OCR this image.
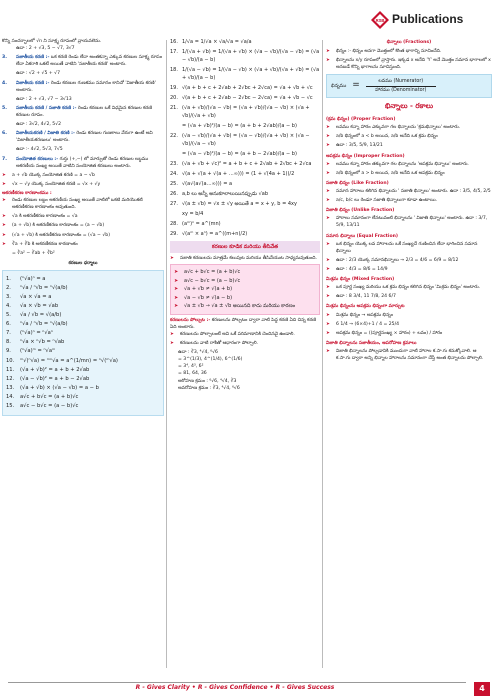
RSB Publications
కొన్ని సందర్భాలలో √n ని సూక్ష్మ రూపంలో వ్రాయవలెను.
ఉదా : 2 + √3, 5 − √7, 3√7
3.	సజాతీయ కరణి :- ఒక కరణి రెండు లేదా అంతకన్నా ఎక్కువ కరణుల సూక్ష్మ రూపం లేదా ఏకరాశి ఒకటే అయితే వాటిని 'సజాతీయ కరణి' అంటారు.
ఉదా : √2 + √5 + √7
4.	విజాతీయ కరణి :- రెండు కరణుల గుణకము సమానం కానిచో 'విజాతీయ కరణి' అంటారు.
ఉదా : 2 + √3, √7 − 3√13
5.	సజాతీయ కరణి / సజాతి కరణి :- రెండు కరణుల ఒకే విధమైన కరణుల కరణి కరణుల రూపం.
ఉదా : 3√2, 4√2, 5√2
6.	విజాతీయకరణి / విజాతి కరణి :- రెండు కరణుల గుణకాలు వేరుగా ఉంటే అవి 'విజాతీయకరణులు' అంటారు.
ఉదా :- 4√2, 5√3, 7√5
7.	సంయోజిత కరణులు :- గుర్తు (+,−) లో మార్పుతో రెండు కరణుల లబ్ధము అకరణీయ సంఖ్య అయితే వాటిని సంయోజిత కరణులు అంటారు.
➤	a + √b యొక్క సంయోజిత కరణి = a − √b
➤	√x − √y యొక్క సంయోజిత కరణి = √x + √y
అకరణీకరణ కారణాంకము :
➤	రెండు కరణుల లబ్దం అకరణీయ సంఖ్య అయితే వాటిలో ఒకటి మరియొకటి అకరణీకరణ కారణాంకం అవుతుంది.
➤	√a కి అకరణీకరణ కారణాంకం = √a
➤	(a + √b) కి అకరణీకరణ కారణాంకం = (a − √b)
➤	(√a + √b) కి అకరణీకరణ కారణాంకం = (√a − √b)
➤	∛a + ∛b కి అకరణీకరణ కారణాంకం
= ∛a² − ∛ab + ∛b²
కరణుల ధర్మాలు
1.	(ⁿ√a)ⁿ = a
2.	ⁿ√a / ⁿ√b = ⁿ√(a/b)
3.	√a × √a = a
4.	√a × √b = √ab
5.	√a / √b = √(a/b)
6.	ⁿ√a / ⁿ√b = ⁿ√(a/b)
7.	(ⁿ√a)ⁿ = ⁿ√aⁿ
8.	ⁿ√a × ⁿ√b = ⁿ√ab
9.	(ⁿ√a)ᵐ = ⁿ√aᵐ
10.	ᵐ√(ⁿ√a) = ᵐⁿ√a = a^(1/mn) = ⁿ√(ᵐ√a)
11.	(√a + √b)² = a + b + 2√ab
12.	(√a − √b)² = a + b − 2√ab
13.	(√a + √b) × (√a − √b) = a − b
14.	a√c + b√c = (a + b)√c
15.	a√c − b√c = (a − b)√c
16. 1/√a = 1/√a × √a/√a = √a/a
17. 1/(√a + √b) = 1/(√a + √b) × (√a − √b)/(√a − √b) = (√a − √b)/(a − b)
18. 1/(√a − √b) = 1/(√a − √b) × (√a + √b)/(√a + √b) = (√a + √b)/(a − b)
19. √(a + b + c + 2√ab + 2√bc + 2√ca) = √a + √b + √c
20. √(a + b + c + 2√ab − 2√bc − 2√ca) = √a + √b − √c
21. (√a + √b)/(√a − √b) = (√a + √b)/(√a − √b) × (√a + √b)/(√a + √b)
= (√a + √b)²/(a − b) = (a + b + 2√ab)/(a − b)
22. (√a − √b)/(√a + √b) = (√a − √b)/(√a + √b) × (√a − √b)/(√a − √b)
= (√a − √b)²/(a − b) = (a + b − 2√ab)/(a − b)
23. (√a + √b + √c)² = a + b + c + 2√ab + 2√bc + 2√ca
24. √(a + √(a + √(a + …∞))) = (1 + √(4a + 1))/2
25. √(a√(a√(a…∞))) = a
26. a,b లు అన్నీ అనుకూలాలుయినప్పుడు √ab
27. √(a ± √b) = √x ± √y అయితే a = x + y, b = 4xy
xy = b/4
28. (aᵐ)ⁿ = a^(mn)
29. √(aᵐ × aⁿ) = a^((m+n)/2)
కరణుల కూడిక మరియు తీసివేత
➤	సజాతి కరణులను మాత్రమే కలుపుట మరియు తీసివేయుట సాధ్యమవుతుంది.
➤	a√c + b√c = (a + b)√c
➤	a√c − b√c = (a − b)√c
➤	√a + √b ≠ √(a + b)
➤	√a − √b ≠ √(a − b)
➤	√a ± √b → √a ± √b అయినది కాదు మరియు కారణం
కరణులను పోల్చుట :- కరణులను పోల్చటం ద్వారా వాటి పెద్ద కరణి ఏది చిన్న కరణి ఏది అంటారు.
➤	కరణులను పోల్చాలంటే అవి ఒకే పరిమాణానికి చెందినవై ఉండాలి.
➤	కరణులను వాటి రాశీతో ఆధారంగా పోల్చాలి.
ఉదా : ∛3, ⁴√4, ⁶√6
= 3^(1/3), 4^(1/4), 6^(1/6)
= 3⁴, 4³, 6²
= 81, 64, 36
ఆరోహణ క్రమం : ⁶√6, ⁴√4, ∛3
అవరోహణ క్రమం : ∛3, ⁴√4, ⁶√6
భిన్నాలు (Fractions)
➤	భిన్నం :- భిన్నం అనగా మొత్తంలో కొంత భాగాన్ని సూచించేది.
➤	భిన్నాలను x/y రూపంలో వ్రాస్తారు. ఇక్కడ x అనేది 'Y' అనే మొత్తం సమాన భాగాలలో x అనబడే కొన్ని భాగాలను సూచిస్తుంది.
భిన్నము =	లవము (Numerator)
హారము (Denominator)
భిన్నాలు - రకాలు
(క్రమ భిన్నం) (Proper Fraction)
➤	లవము కన్నా హారం ఎక్కువగా గల భిన్నాలను 'క్రమభిన్నాలు' అంటారు.
➤	a/b భిన్నంలో a < b అయిన, a/b అనేది ఒక క్రమ భిన్నం
➤	ఉదా : 3/5, 5/9, 13/21
అపక్రమ భిన్నం (Improper Fraction)
➤	లవము కన్నా హారం తక్కువగా గల భిన్నాలను 'అపక్రమ భిన్నాలు' అంటారు.
➤	a/b భిన్నంలో a > b అయిన, a/b అనేది ఒక అపక్రమ భిన్నం
సజాతి భిన్నం (Like Fraction)
➤	సమాన హారాలు కలిగిన భిన్నాలను ' సజాతి భిన్నాలు' అంటారు. ఉదా : 3/5, 4/5, 2/5
➤	a/c, b/c లు రెండూ సజాతి భిన్నాలుగా కూడా ఉంటాయి.
విజాతి భిన్నం (Unlike Fraction)
➤	హారాలు సమానంగా లేనటువంటి భిన్నాలను ' విజాతి భిన్నాలు' అంటారు. ఉదా : 3/7, 5/9, 13/11
సమాన భిన్నాలు (Equal Fraction)
➤	ఒక భిన్నం యొక్క లవ హారాలను ఒకే సంఖ్యచే గుణించిన లేదా భాగించిన సమాన భిన్నాలు
➤	ఉదా : 2/3 యొక్క సమానభిన్నాలు → 2/3 = 4/6 = 6/9 = 8/12
➤	ఉదా : 4/3 = 8/6 = 14/9
మిశ్రమ భిన్నం (Mixed Fraction)
➤	ఒక పూర్ణ సంఖ్య మరియు ఒక క్రమ భిన్నం కలిగిన భిన్నం 'మిశ్రమ భిన్నం' అంటారు.
➤	ఉదా : 8 3/4, 11 7/8, 24 6/7
మిశ్రమ భిన్నంను అపక్రమ భిన్నంగా మార్చుట
➤	మిశ్రమ భిన్నం → అపక్రమ భిన్నం
➤	6 1/4 → (6×4)+1 / 4 = 25/4
➤	అపక్రమ భిన్నం = ((పూర్ణసంఖ్య × హారం) + లవం) / హారం
విజాతి భిన్నాలను సజాతీయం, అపరోహణ క్రమాలు
➤	విజాతి భిన్నాలను పోల్చడానికి ముందుగా వాటి హారాల క.సా.గు కనుక్కోవాలి. ఆ క.సా.గు ద్వారా అన్ని భిన్నాల హారాలను సమానంగా చేస్తే అంత భిన్నాలను పోల్చాలి.
R - Gives Clarity • R - Gives Confidence • R - Gives Success	4
